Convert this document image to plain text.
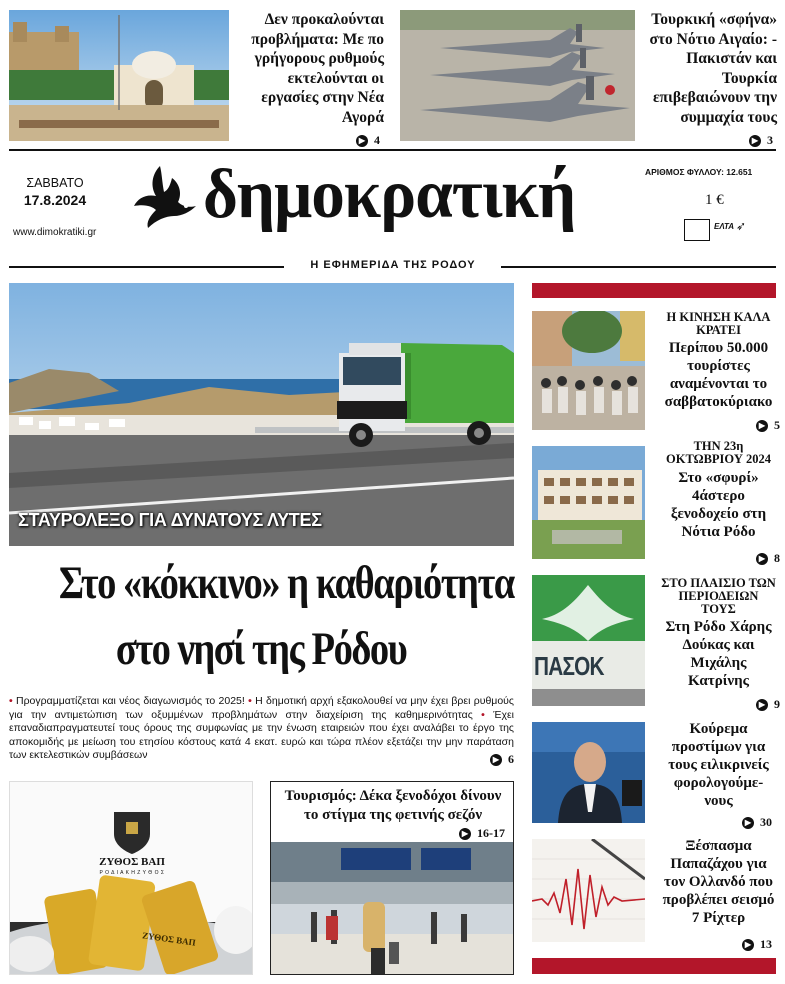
Δεν προκαλούνται προβλήματα: Με πο γρήγορους ρυθμούς εκτελούνται οι εργασίες στην Νέα Αγορά
▶ 4
Τουρκική «σφήνα» στο Νότιο Αιγαίο: - Πακιστάν και Τουρκία επιβεβαιώνουν την συμμαχία τους
▶ 3
ΣΑΒΒΑΤΟ
17.8.2024
www.dimokratiki.gr δημοκρατική	ΑΡΙΘΜΟΣ ΦΥΛΛΟΥ: 12.651
1 €
ΕΛΤΑ ➶
Η ΕΦΗΜΕΡΙΔΑ ΤΗΣ ΡΟΔΟΥ
ΣΤΑΥΡΟΛΕΞΟ ΓΙΑ ΔΥΝΑΤΟΥΣ ΛΥΤΕΣ
Στο «κόκκινο» η καθαριότητα
στο νησί της Ρόδου
• Προγραμματίζεται και νέος διαγωνισμός το 2025! • Η δημοτική αρχή εξακολουθεί να μην έχει βρει ρυθμούς για την αντιμετώπιση των οξυμμένων προβλημάτων στην διαχείριση της καθημερινότητας • Έχει επαναδιαπραγματευτεί τους όρους της συμφωνίας με την ένωση εταιρειών που έχει αναλάβει το έργο της αποκομιδής με μείωση του ετησίου κόστους κατά 4 εκατ. ευρώ και τώρα πλέον εξετάζει την μην παράταση των εκτελεστικών συμβάσεων	▶ 6
ΖΥΘΟΣ ΒΑΠ
Ρ Ο Δ Ι Α Κ Η Ζ Υ Θ Ο Σ
ΖΥΘΟΣ ΒΑΠ
Τουρισμός: Δέκα ξενοδόχοι δίνουν το στίγμα της φετινής σεζόν
▶ 16-17
Η ΚΙΝΗΣΗ ΚΑΛΑ ΚΡΑΤΕΙ
Περίπου 50.000 τουρίστες αναμένονται το σαββατοκύριακο
▶ 5
ΤΗΝ 23η ΟΚΤΩΒΡΙΟΥ 2024
Στο «σφυρί» 4άστερο ξενοδοχείο στη Νότια Ρόδο
▶ 8
ΠΑΣΟΚ
ΣΤΟ ΠΛΑΙΣΙΟ ΤΩΝ ΠΕΡΙΟΔΕΙΩΝ ΤΟΥΣ
Στη Ρόδο Χάρης Δούκας και Μιχάλης Κατρίνης
▶ 9
Κούρεμα προστίμων για τους ειλικρινείς φορολογούμε-νους
▶ 30
Ξέσπασμα Παπαζάχου για τον Ολλανδό που προβλέπει σεισμό 7 Ρίχτερ
▶ 13
